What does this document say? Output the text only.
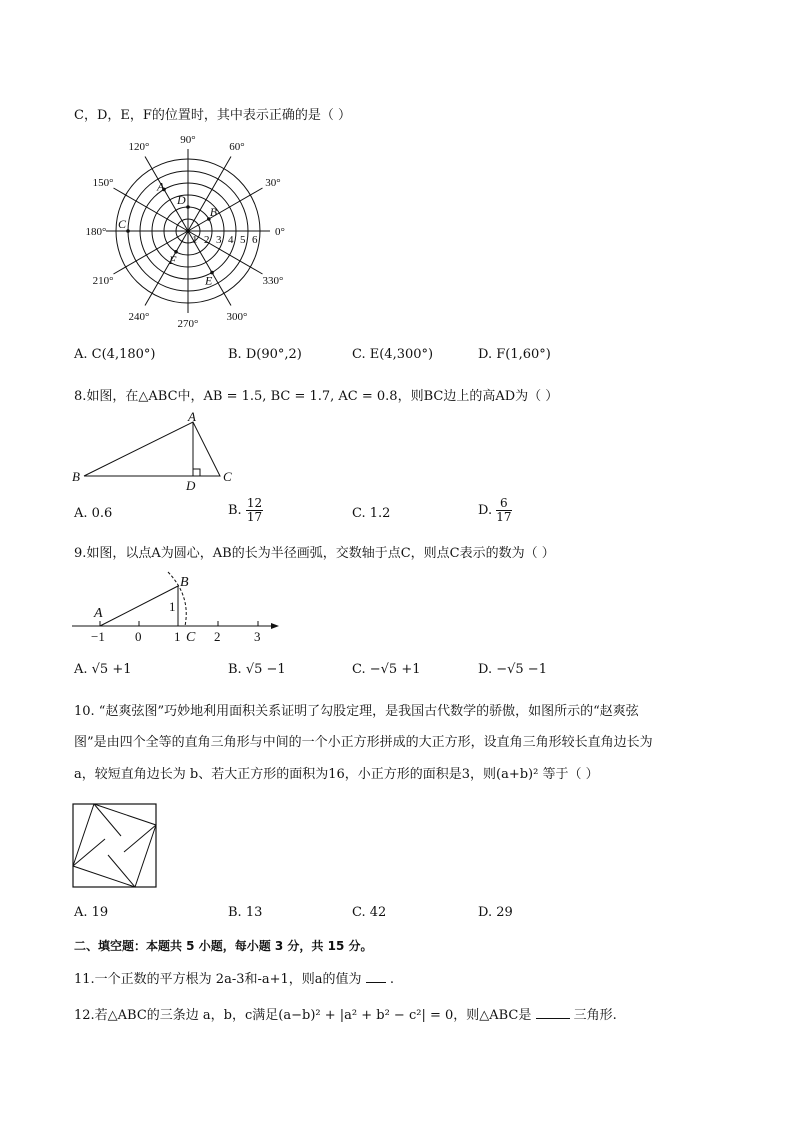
C，D，E，F的位置时，其中表示正确的是（ ）
90°
60°
30°
0°
330°
300°
270°
240°
210°
180°
150°
120°
1 2 3 4 5 6
A
B
C
D
E
F
A. C(4,180°)	B. D(90°,2)	C. E(4,300°)	D. F(1,60°)
8.如图，在△ABC中，AB = 1.5, BC = 1.7, AC = 0.8，则BC边上的高AD为（ ）
A
B	C
D
A. 0.6	B. $\frac{12}{17}$	C. 1.2	D. $\frac{6}{17}$
9.如图，以点A为圆心，AB的长为半径画弧，交数轴于点C，则点C表示的数为（ ）
−1 0	1	2	3
A
B
C
1
A. √5 +1	B. √5 −1	C. −√5 +1	D. −√5 −1
10. “赵爽弦图”巧妙地利用面积关系证明了勾股定理，是我国古代数学的骄傲，如图所示的“赵爽弦
图”是由四个全等的直角三角形与中间的一个小正方形拼成的大正方形，设直角三角形较长直角边长为
a，较短直角边长为 b、若大正方形的面积为16，小正方形的面积是3，则(a+b)² 等于（ ）
A. 19	B. 13	C. 42	D. 29
二、填空题：本题共 5 小题，每小题 3 分，共 15 分。
11.一个正数的平方根为 2a-3和-a+1，则a的值为 .
12.若△ABC的三条边 a，b，c满足(a−b)² + |a² + b² − c²| = 0，则△ABC是	三角形.
